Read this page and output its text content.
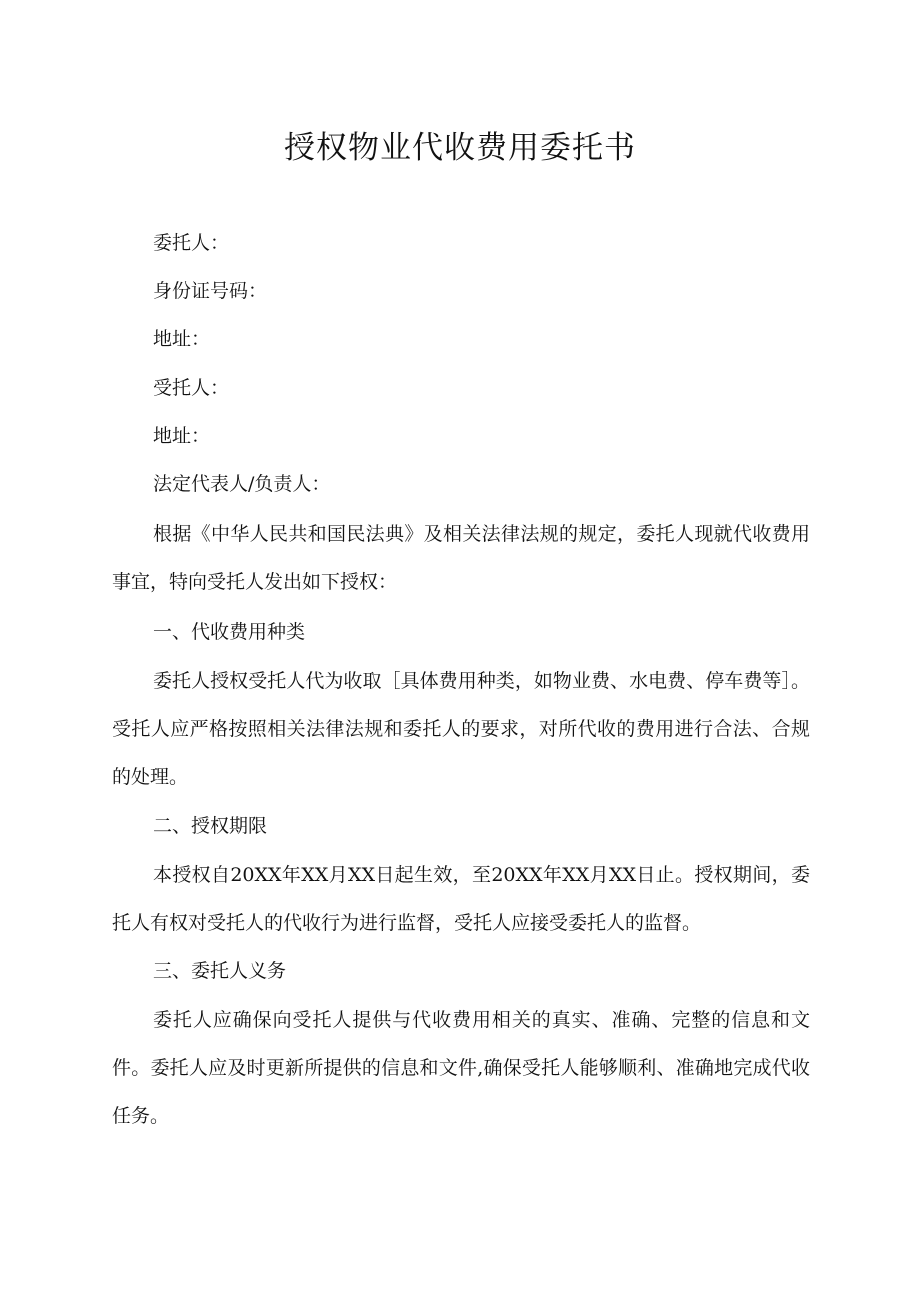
授权物业代收费用委托书
委托人：
身份证号码：
地址：
受托人：
地址：
法定代表人/负责人：

根据《中华人民共和国民法典》及相关法律法规的规定，委托人现就代收费用事宜，特向受托人发出如下授权：

一、代收费用种类

委托人授权受托人代为收取［具体费用种类，如物业费、水电费、停车费等］。受托人应严格按照相关法律法规和委托人的要求，对所代收的费用进行合法、合规的处理。

二、授权期限

本授权自20XX年XX月XX日起生效，至20XX年XX月XX日止。授权期间，委托人有权对受托人的代收行为进行监督，受托人应接受委托人的监督。

三、委托人义务

委托人应确保向受托人提供与代收费用相关的真实、准确、完整的信息和文件。委托人应及时更新所提供的信息和文件,确保受托人能够顺利、准确地完成代收任务。
